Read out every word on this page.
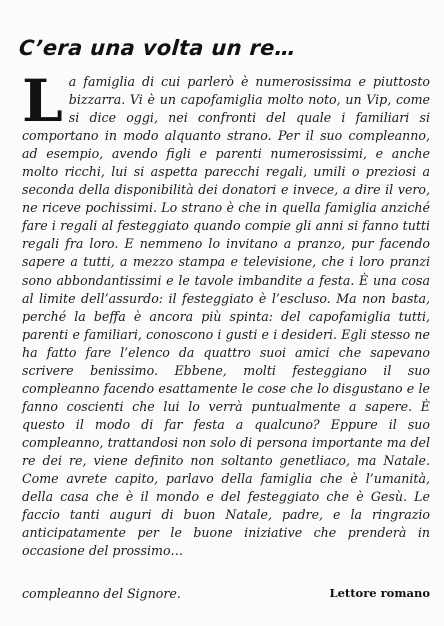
C’era una volta un re…
L a famiglia di cui parlerò è numerosissima e piuttosto bizzarra. Vi è un capofamiglia molto noto, un Vip, come si dice oggi, nei confronti del quale i familiari si comportano in modo alquanto strano. Per il suo compleanno, ad esempio, avendo figli e parenti numerosissimi, e anche molto ricchi, lui si aspetta parecchi regali, umili o preziosi a seconda della disponibilità dei donatori e invece, a dire il vero, ne riceve pochissimi. Lo strano è che in quella famiglia anziché fare i regali al festeggiato quando compie gli anni si fanno tutti regali fra loro. E nemmeno lo invitano a pranzo, pur facendo sapere a tutti, a mezzo stampa e televisione, che i loro pranzi sono abbondantissimi e le tavole imbandite a festa. È una cosa al limite dell’assurdo: il festeggiato è l’escluso. Ma non basta, perché la beffa è ancora più spinta: del capofamiglia tutti, parenti e familiari, conoscono i gusti e i desideri. Egli stesso ne ha fatto fare l’elenco da quattro suoi amici che sapevano scrivere benissimo. Ebbene, molti festeggiano il suo compleanno facendo esattamente le cose che lo disgustano e le fanno coscienti che lui lo verrà puntualmente a sapere. È questo il modo di far festa a qualcuno? Eppure il suo compleanno, trattandosi non solo di persona importante ma del re dei re, viene definito non soltanto genetliaco, ma Natale. Come avrete capito, parlavo della famiglia che è l’umanità, della casa che è il mondo e del festeggiato che è Gesù. Le faccio tanti auguri di buon Natale, padre, e la ringrazio anticipatamente per le buone iniziative che prenderà in occasione del prossimo…
compleanno del Signore.	Lettore romano
